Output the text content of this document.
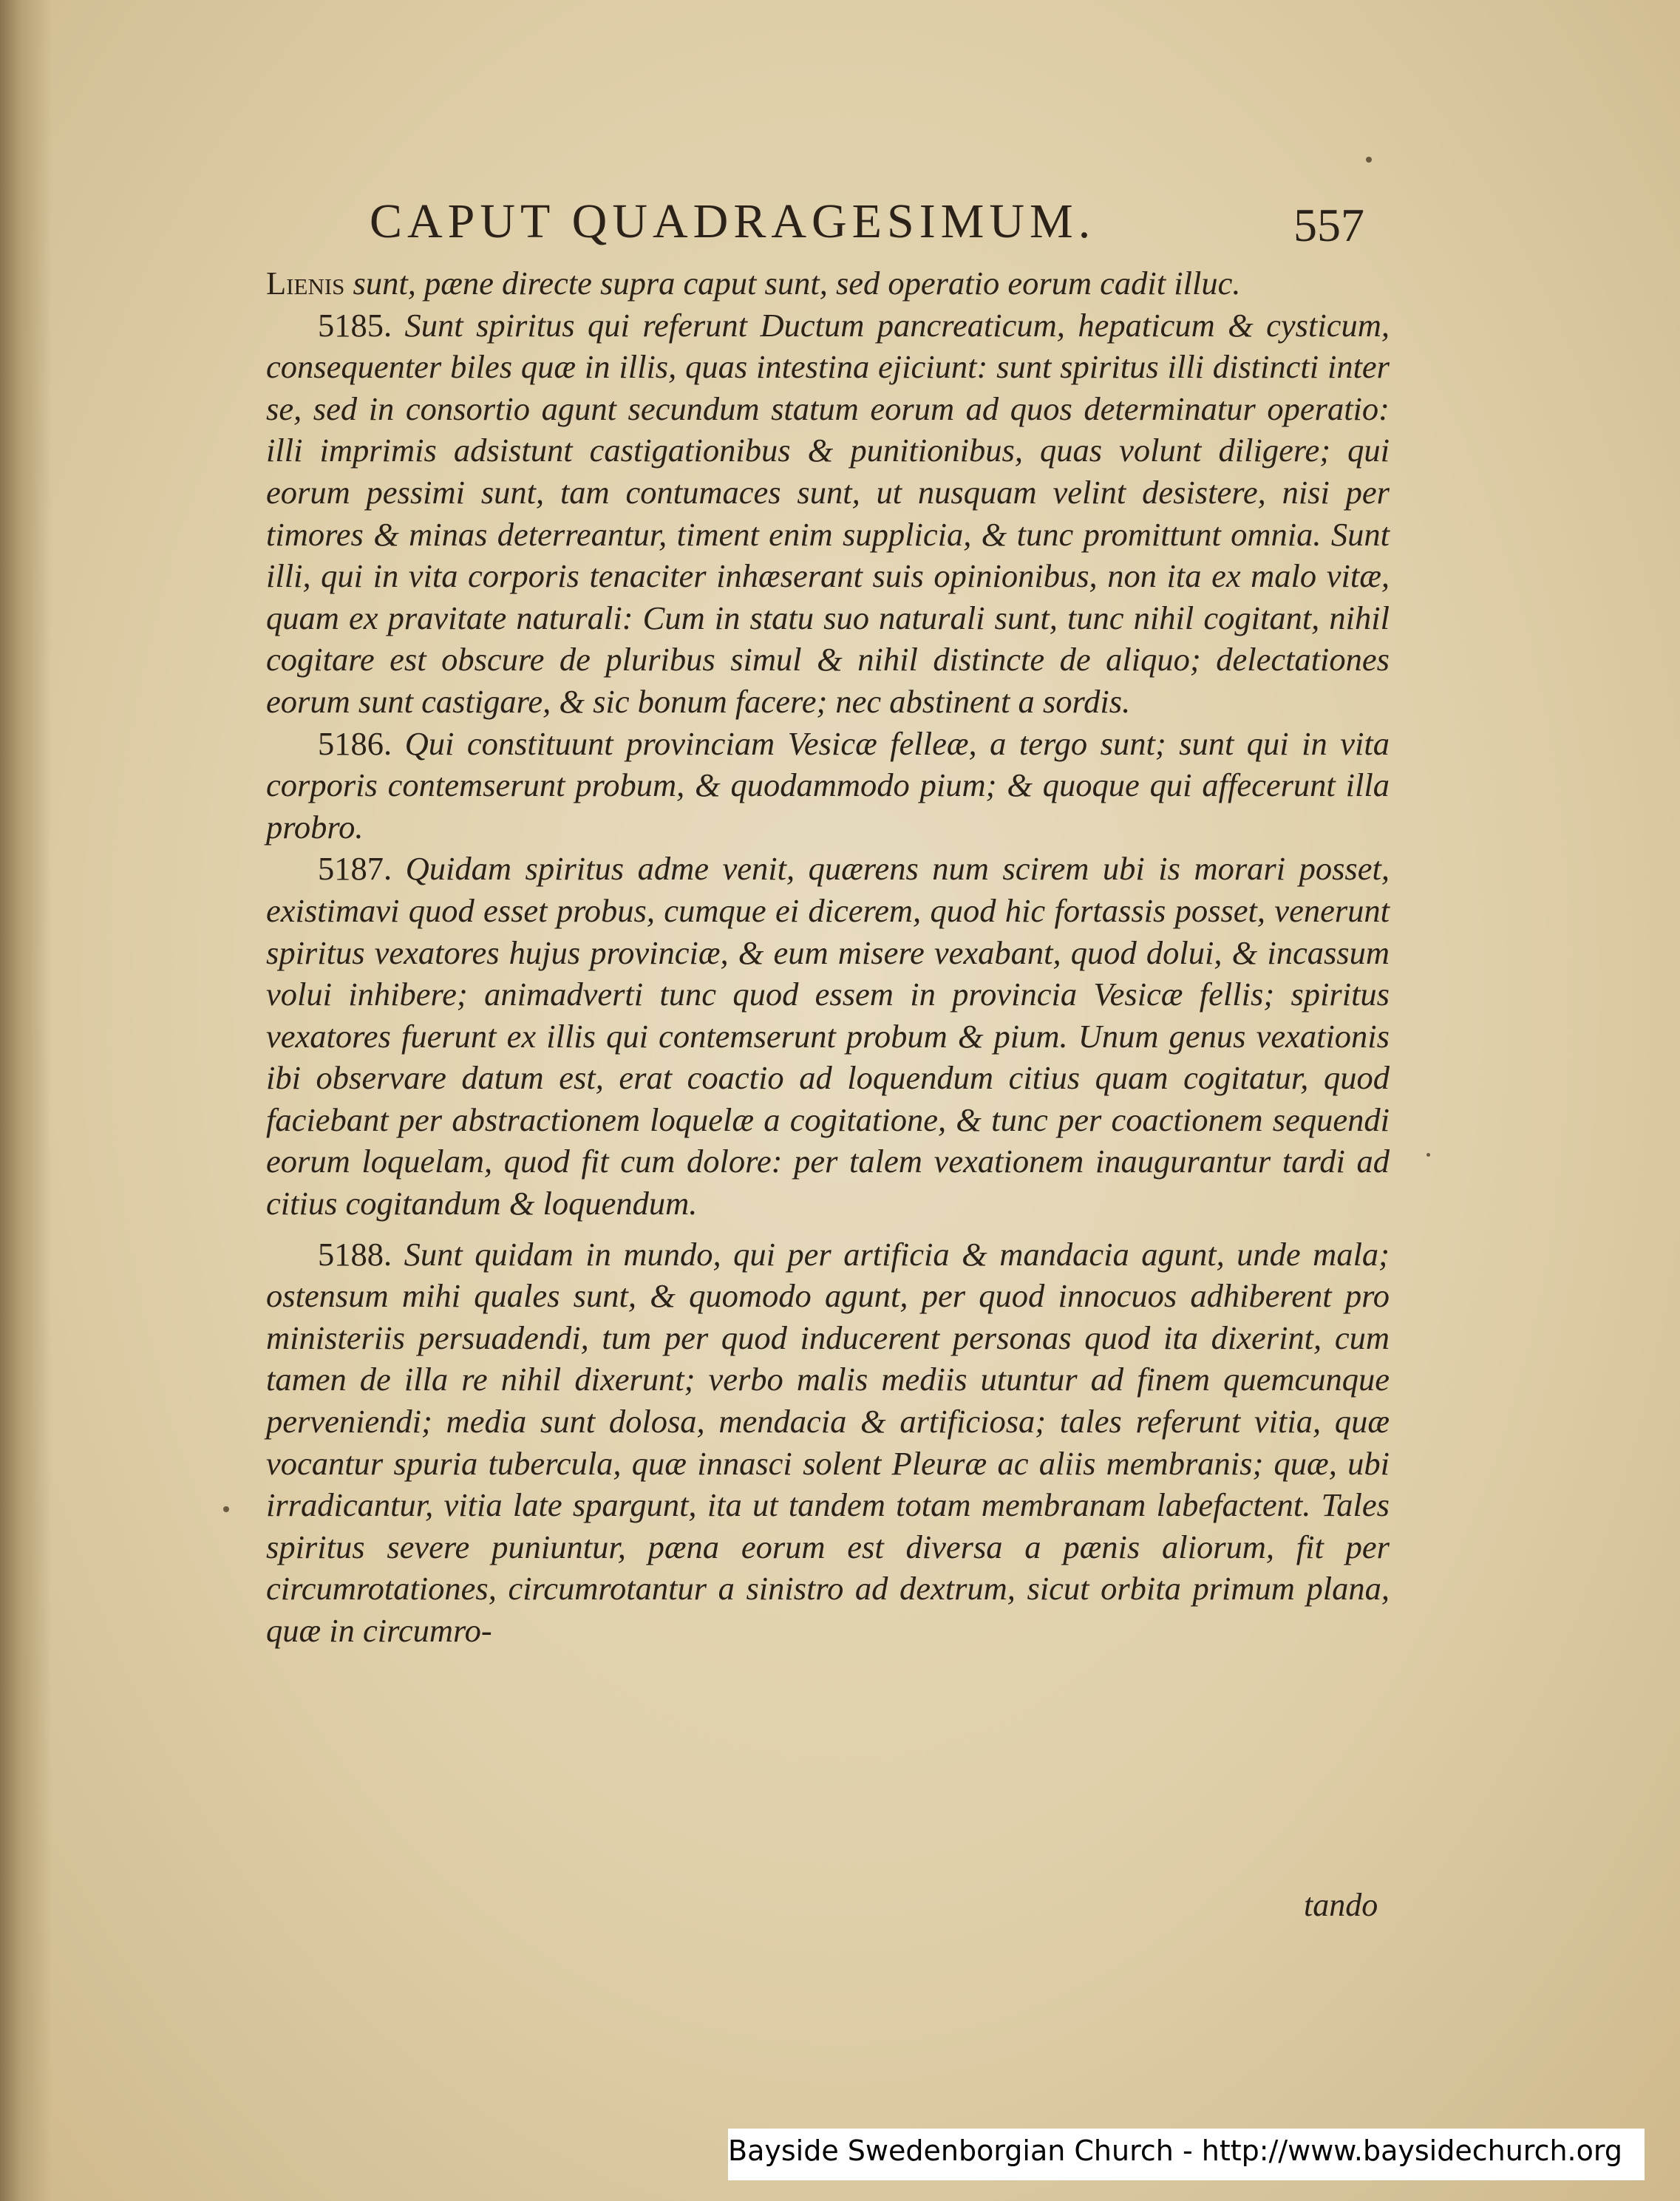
CAPUT QUADRAGESIMUM.	557

Lienis sunt, pæne directe supra caput sunt, sed operatio eorum cadit illuc.

5185. Sunt spiritus qui referunt Ductum pancreaticum, hepaticum & cysticum, consequenter biles quæ in illis, quas intestina ejiciunt: sunt spiritus illi distincti inter se, sed in consortio agunt secundum statum eorum ad quos determinatur operatio: illi imprimis adsistunt castigationibus & punitionibus, quas volunt diligere; qui eorum pessimi sunt, tam contumaces sunt, ut nusquam velint desistere, nisi per timores & minas deterreantur, timent enim supplicia, & tunc promittunt omnia. Sunt illi, qui in vita corporis tenaciter inhæserant suis opinionibus, non ita ex malo vitæ, quam ex pravitate naturali: Cum in statu suo naturali sunt, tunc nihil cogitant, nihil cogitare est obscure de pluribus simul & nihil distincte de aliquo; delectationes eorum sunt castigare, & sic bonum facere; nec abstinent a sordis.

5186. Qui constituunt provinciam Vesicæ felleæ, a tergo sunt; sunt qui in vita corporis contemserunt probum, & quodammodo pium; & quoque qui affecerunt illa probro.

5187. Quidam spiritus adme venit, quærens num scirem ubi is morari posset, existimavi quod esset probus, cumque ei dicerem, quod hic fortassis posset, venerunt spiritus vexatores hujus provinciæ, & eum misere vexabant, quod dolui, & incassum volui inhibere; animadverti tunc quod essem in provincia Vesicæ fellis; spiritus vexatores fuerunt ex illis qui contemserunt probum & pium. Unum genus vexationis ibi observare datum est, erat coactio ad loquendum citius quam cogitatur, quod faciebant per abstractionem loquelæ a cogitatione, & tunc per coactionem sequendi eorum loquelam, quod fit cum dolore: per talem vexationem inaugurantur tardi ad citius cogitandum & loquendum.

5188. Sunt quidam in mundo, qui per artificia & mandacia agunt, unde mala; ostensum mihi quales sunt, & quomodo agunt, per quod innocuos adhiberent pro ministeriis persuadendi, tum per quod inducerent personas quod ita dixerint, cum tamen de illa re nihil dixerunt; verbo malis mediis utuntur ad finem quemcunque perveniendi; media sunt dolosa, mendacia & artificiosa; tales referunt vitia, quæ vocantur spuria tubercula, quæ innasci solent Pleuræ ac aliis membranis; quæ, ubi irradicantur, vitia late spargunt, ita ut tandem totam membranam labefactent. Tales spiritus severe puniuntur, pæna eorum est diversa a pænis aliorum, fit per circumrotationes, circumrotantur a sinistro ad dextrum, sicut orbita primum plana, quæ in circumro-

tando
Bayside Swedenborgian Church - http://www.baysidechurch.org
